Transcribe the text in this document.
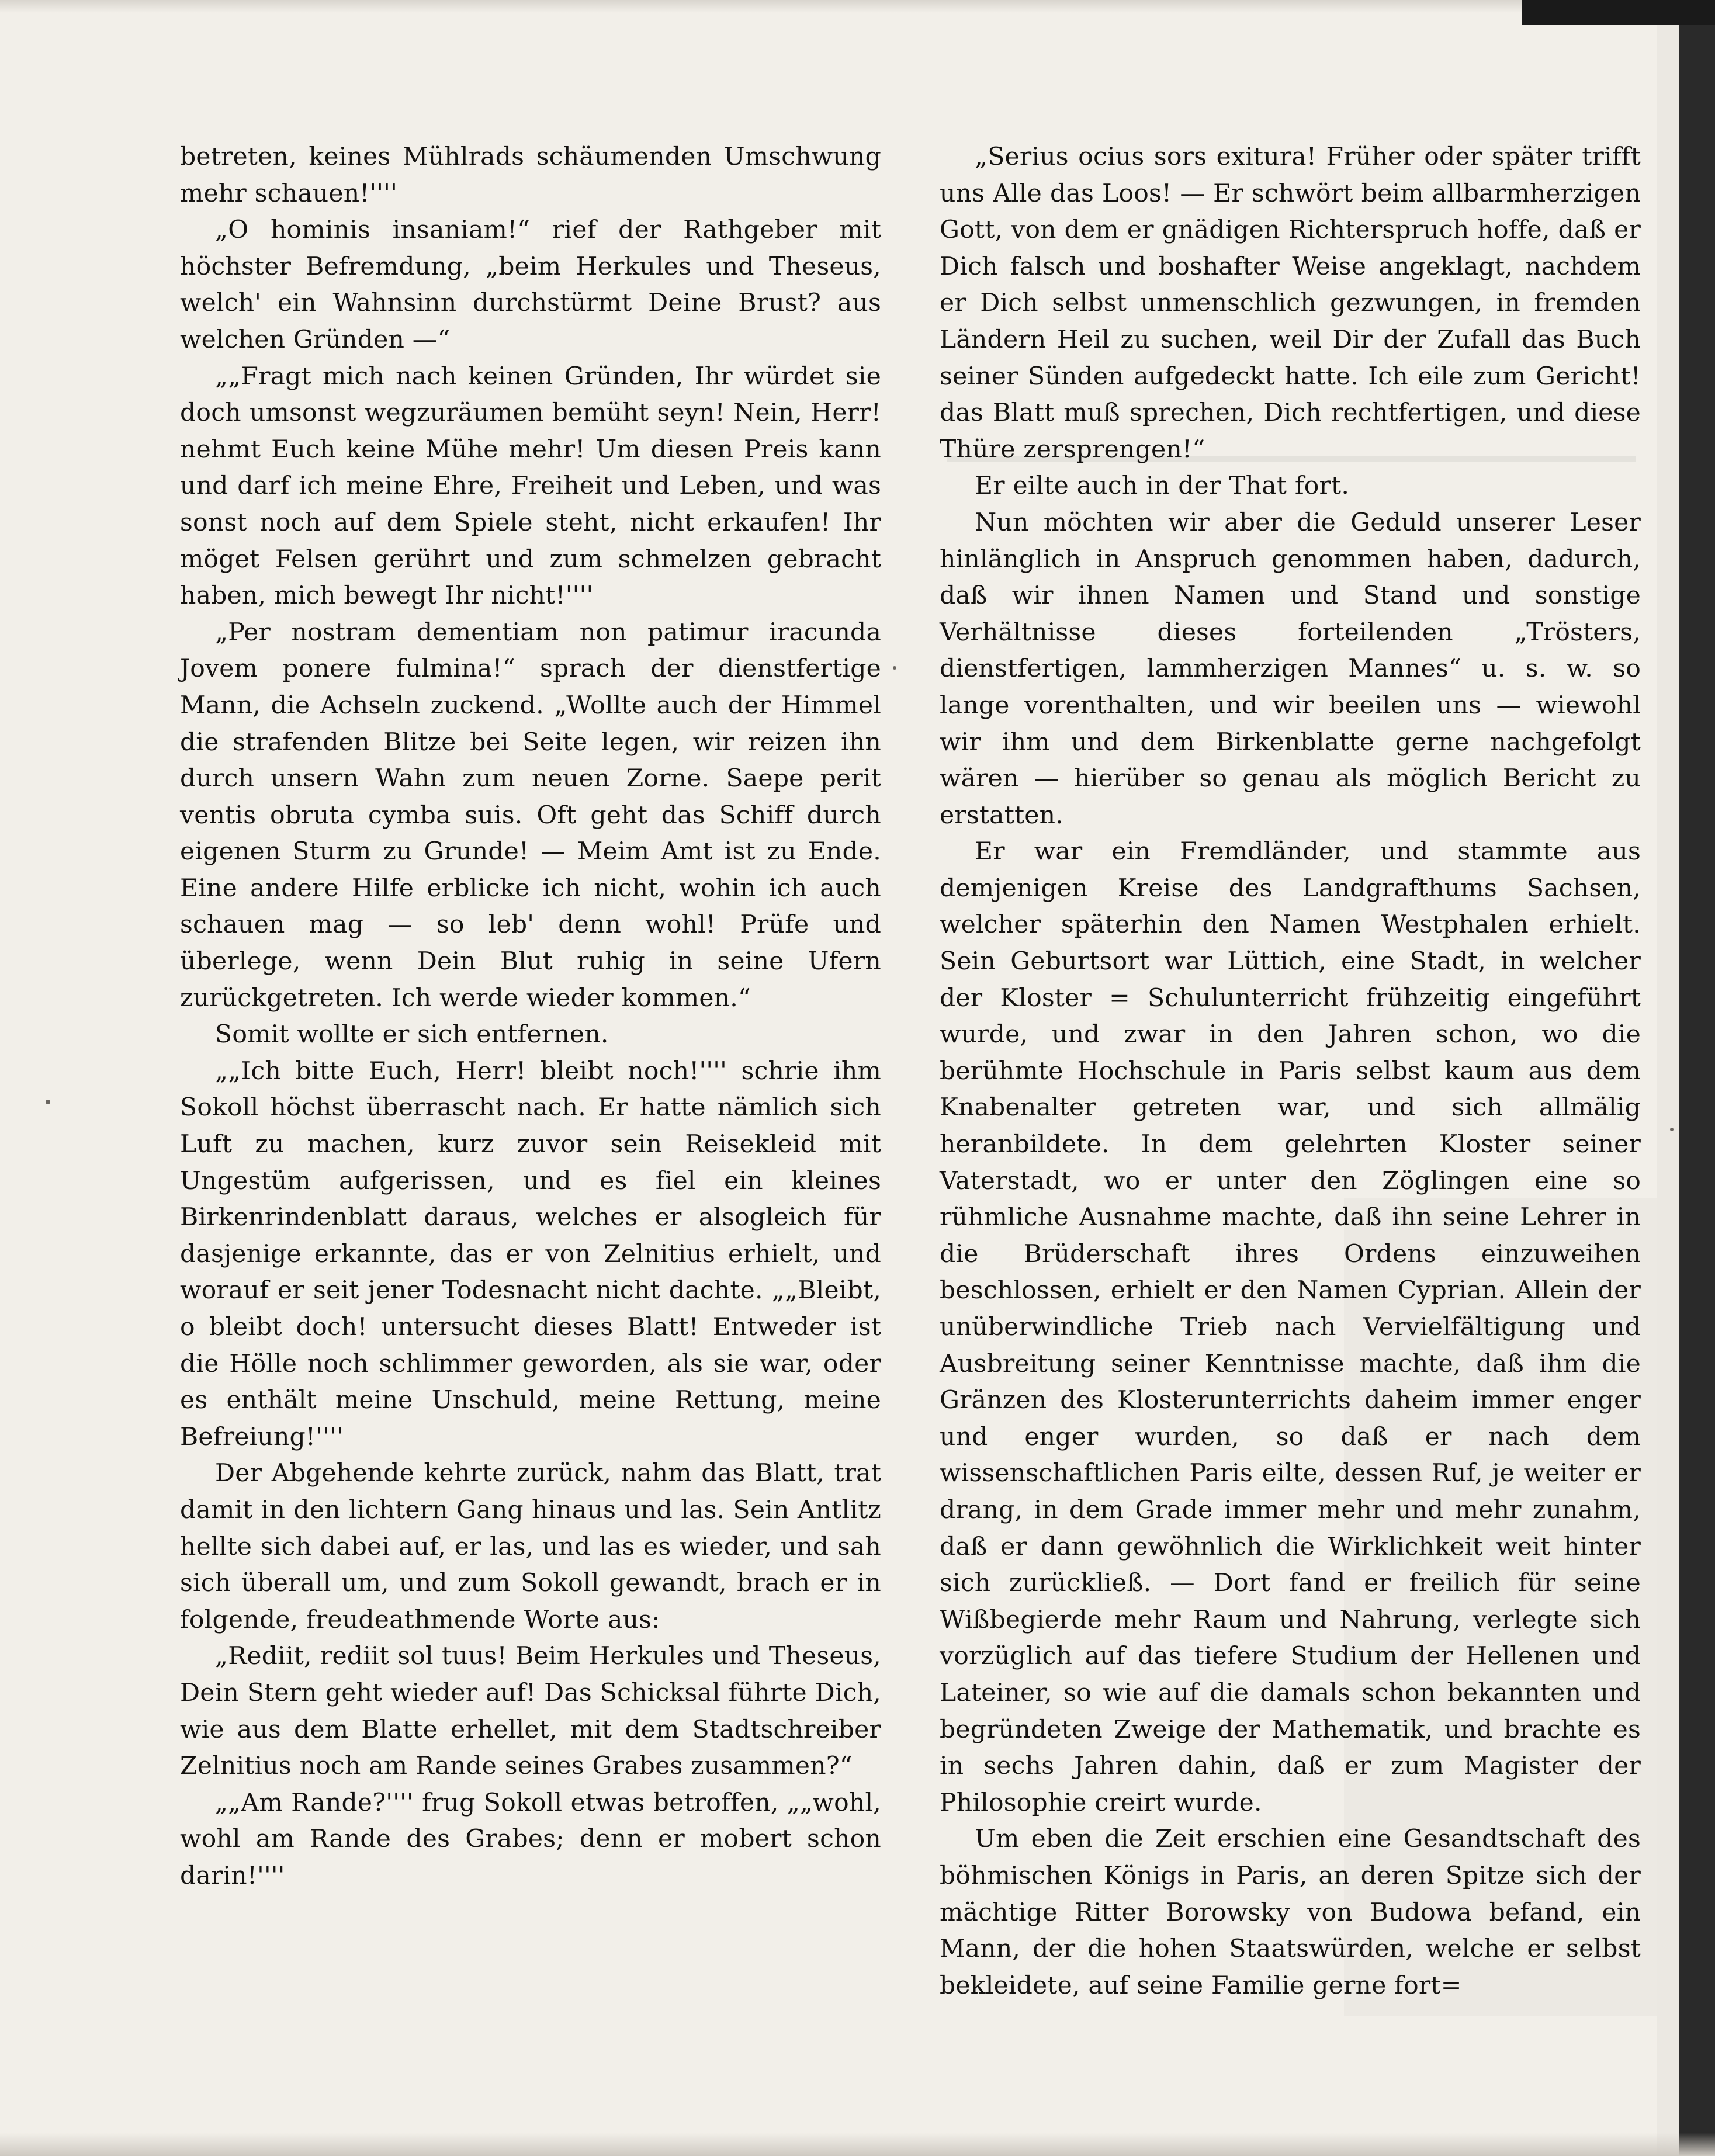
betreten, keines Mühlrads schäumenden Umschwung mehr schauen!''''

„O hominis insaniam!“ rief der Rathgeber mit höchster Befremdung, „beim Herkules und Theseus, welch' ein Wahnsinn durchstürmt Deine Brust? aus welchen Gründen —“

„„Fragt mich nach keinen Gründen, Ihr würdet sie doch umsonst wegzuräumen bemüht seyn! Nein, Herr! nehmt Euch keine Mühe mehr! Um diesen Preis kann und darf ich meine Ehre, Freiheit und Leben, und was sonst noch auf dem Spiele steht, nicht erkaufen! Ihr möget Felsen gerührt und zum schmelzen gebracht haben, mich bewegt Ihr nicht!''''

„Per nostram dementiam non patimur iracunda Jovem ponere fulmina!“ sprach der dienstfertige Mann, die Achseln zuckend. „Wollte auch der Himmel die strafenden Blitze bei Seite legen, wir reizen ihn durch unsern Wahn zum neuen Zorne. Saepe perit ventis obruta cymba suis. Oft geht das Schiff durch eigenen Sturm zu Grunde! — Meim Amt ist zu Ende. Eine andere Hilfe erblicke ich nicht, wohin ich auch schauen mag — so leb' denn wohl! Prüfe und überlege, wenn Dein Blut ruhig in seine Ufern zurückgetreten. Ich werde wieder kommen.“

Somit wollte er sich entfernen.

„„Ich bitte Euch, Herr! bleibt noch!'''' schrie ihm Sokoll höchst überrascht nach. Er hatte nämlich sich Luft zu machen, kurz zuvor sein Reisekleid mit Ungestüm aufgerissen, und es fiel ein kleines Birkenrindenblatt daraus, welches er alsogleich für dasjenige erkannte, das er von Zelnitius erhielt, und worauf er seit jener Todesnacht nicht dachte. „„Bleibt, o bleibt doch! untersucht dieses Blatt! Entweder ist die Hölle noch schlimmer geworden, als sie war, oder es enthält meine Unschuld, meine Rettung, meine Befreiung!''''

Der Abgehende kehrte zurück, nahm das Blatt, trat damit in den lichtern Gang hinaus und las. Sein Antlitz hellte sich dabei auf, er las, und las es wieder, und sah sich überall um, und zum Sokoll gewandt, brach er in folgende, freudeathmende Worte aus:

„Rediit, rediit sol tuus! Beim Herkules und Theseus, Dein Stern geht wieder auf! Das Schicksal führte Dich, wie aus dem Blatte erhellet, mit dem Stadtschreiber Zelnitius noch am Rande seines Grabes zusammen?“

„„Am Rande?'''' frug Sokoll etwas betroffen, „„wohl, wohl am Rande des Grabes; denn er mobert schon darin!''''

„Serius ocius sors exitura! Früher oder später trifft uns Alle das Loos! — Er schwört beim allbarmherzigen Gott, von dem er gnädigen Richterspruch hoffe, daß er Dich falsch und boshafter Weise angeklagt, nachdem er Dich selbst unmenschlich gezwungen, in fremden Ländern Heil zu suchen, weil Dir der Zufall das Buch seiner Sünden aufgedeckt hatte. Ich eile zum Gericht! das Blatt muß sprechen, Dich rechtfertigen, und diese Thüre zersprengen!“

Er eilte auch in der That fort.

Nun möchten wir aber die Geduld unserer Leser hinlänglich in Anspruch genommen haben, dadurch, daß wir ihnen Namen und Stand und sonstige Verhältnisse dieses forteilenden „Trösters, dienstfertigen, lammherzigen Mannes“ u. s. w. so lange vorenthalten, und wir beeilen uns — wiewohl wir ihm und dem Birkenblatte gerne nachgefolgt wären — hierüber so genau als möglich Bericht zu erstatten.

Er war ein Fremdländer, und stammte aus demjenigen Kreise des Landgrafthums Sachsen, welcher späterhin den Namen Westphalen erhielt. Sein Geburtsort war Lüttich, eine Stadt, in welcher der Kloster = Schulunterricht frühzeitig eingeführt wurde, und zwar in den Jahren schon, wo die berühmte Hochschule in Paris selbst kaum aus dem Knabenalter getreten war, und sich allmälig heranbildete. In dem gelehrten Kloster seiner Vaterstadt, wo er unter den Zöglingen eine so rühmliche Ausnahme machte, daß ihn seine Lehrer in die Brüderschaft ihres Ordens einzuweihen beschlossen, erhielt er den Namen Cyprian. Allein der unüberwindliche Trieb nach Vervielfältigung und Ausbreitung seiner Kenntnisse machte, daß ihm die Gränzen des Klosterunterrichts daheim immer enger und enger wurden, so daß er nach dem wissenschaftlichen Paris eilte, dessen Ruf, je weiter er drang, in dem Grade immer mehr und mehr zunahm, daß er dann gewöhnlich die Wirklichkeit weit hinter sich zurückließ. — Dort fand er freilich für seine Wißbegierde mehr Raum und Nahrung, verlegte sich vorzüglich auf das tiefere Studium der Hellenen und Lateiner, so wie auf die damals schon bekannten und begründeten Zweige der Mathematik, und brachte es in sechs Jahren dahin, daß er zum Magister der Philosophie creirt wurde.

Um eben die Zeit erschien eine Gesandtschaft des böhmischen Königs in Paris, an deren Spitze sich der mächtige Ritter Borowsky von Budowa befand, ein Mann, der die hohen Staatswürden, welche er selbst bekleidete, auf seine Familie gerne fort=
